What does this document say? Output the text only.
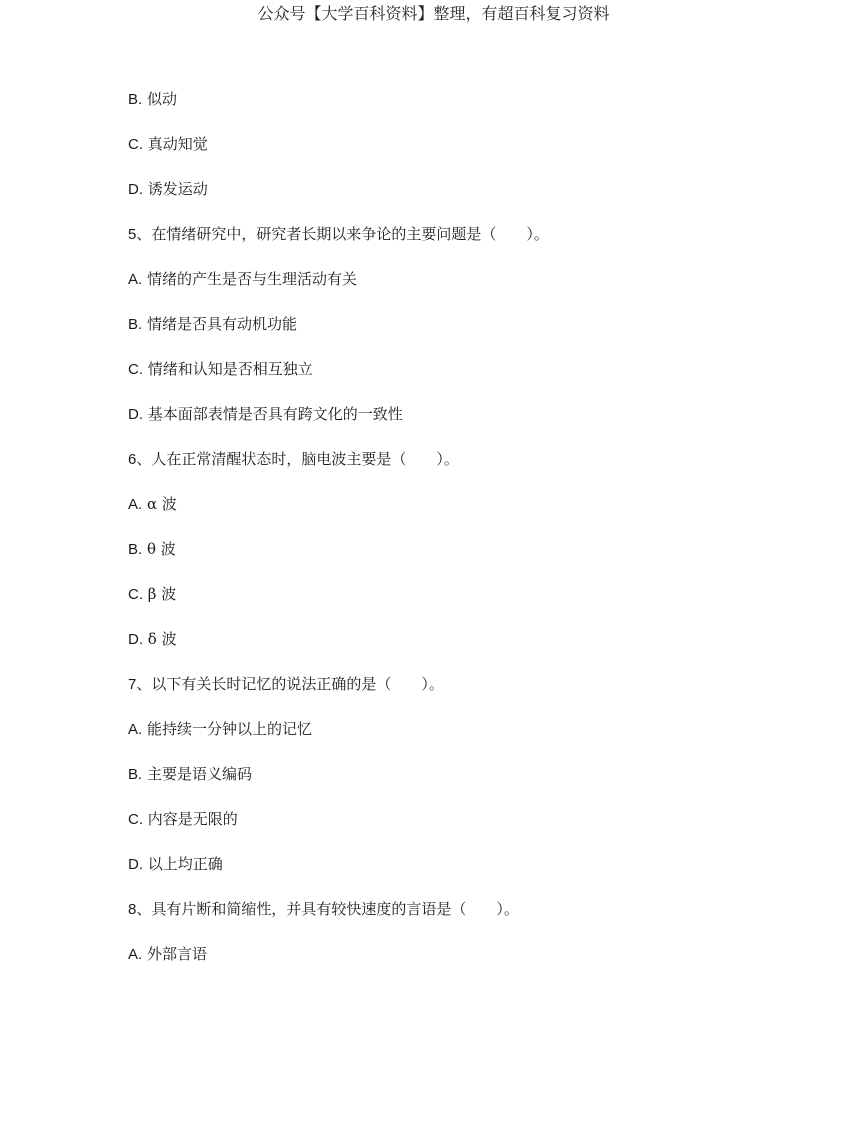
公众号【大学百科资料】整理，有超百科复习资料
B. 似动
C. 真动知觉
D. 诱发运动
5、在情绪研究中，研究者长期以来争论的主要问题是（　　）。
A. 情绪的产生是否与生理活动有关
B. 情绪是否具有动机功能
C. 情绪和认知是否相互独立
D. 基本面部表情是否具有跨文化的一致性
6、人在正常清醒状态时，脑电波主要是（　　）。
A. α 波
B. θ 波
C. β 波
D. δ 波
7、以下有关长时记忆的说法正确的是（　　）。
A. 能持续一分钟以上的记忆
B. 主要是语义编码
C. 内容是无限的
D. 以上均正确
8、具有片断和简缩性，并具有较快速度的言语是（　　）。
A. 外部言语
